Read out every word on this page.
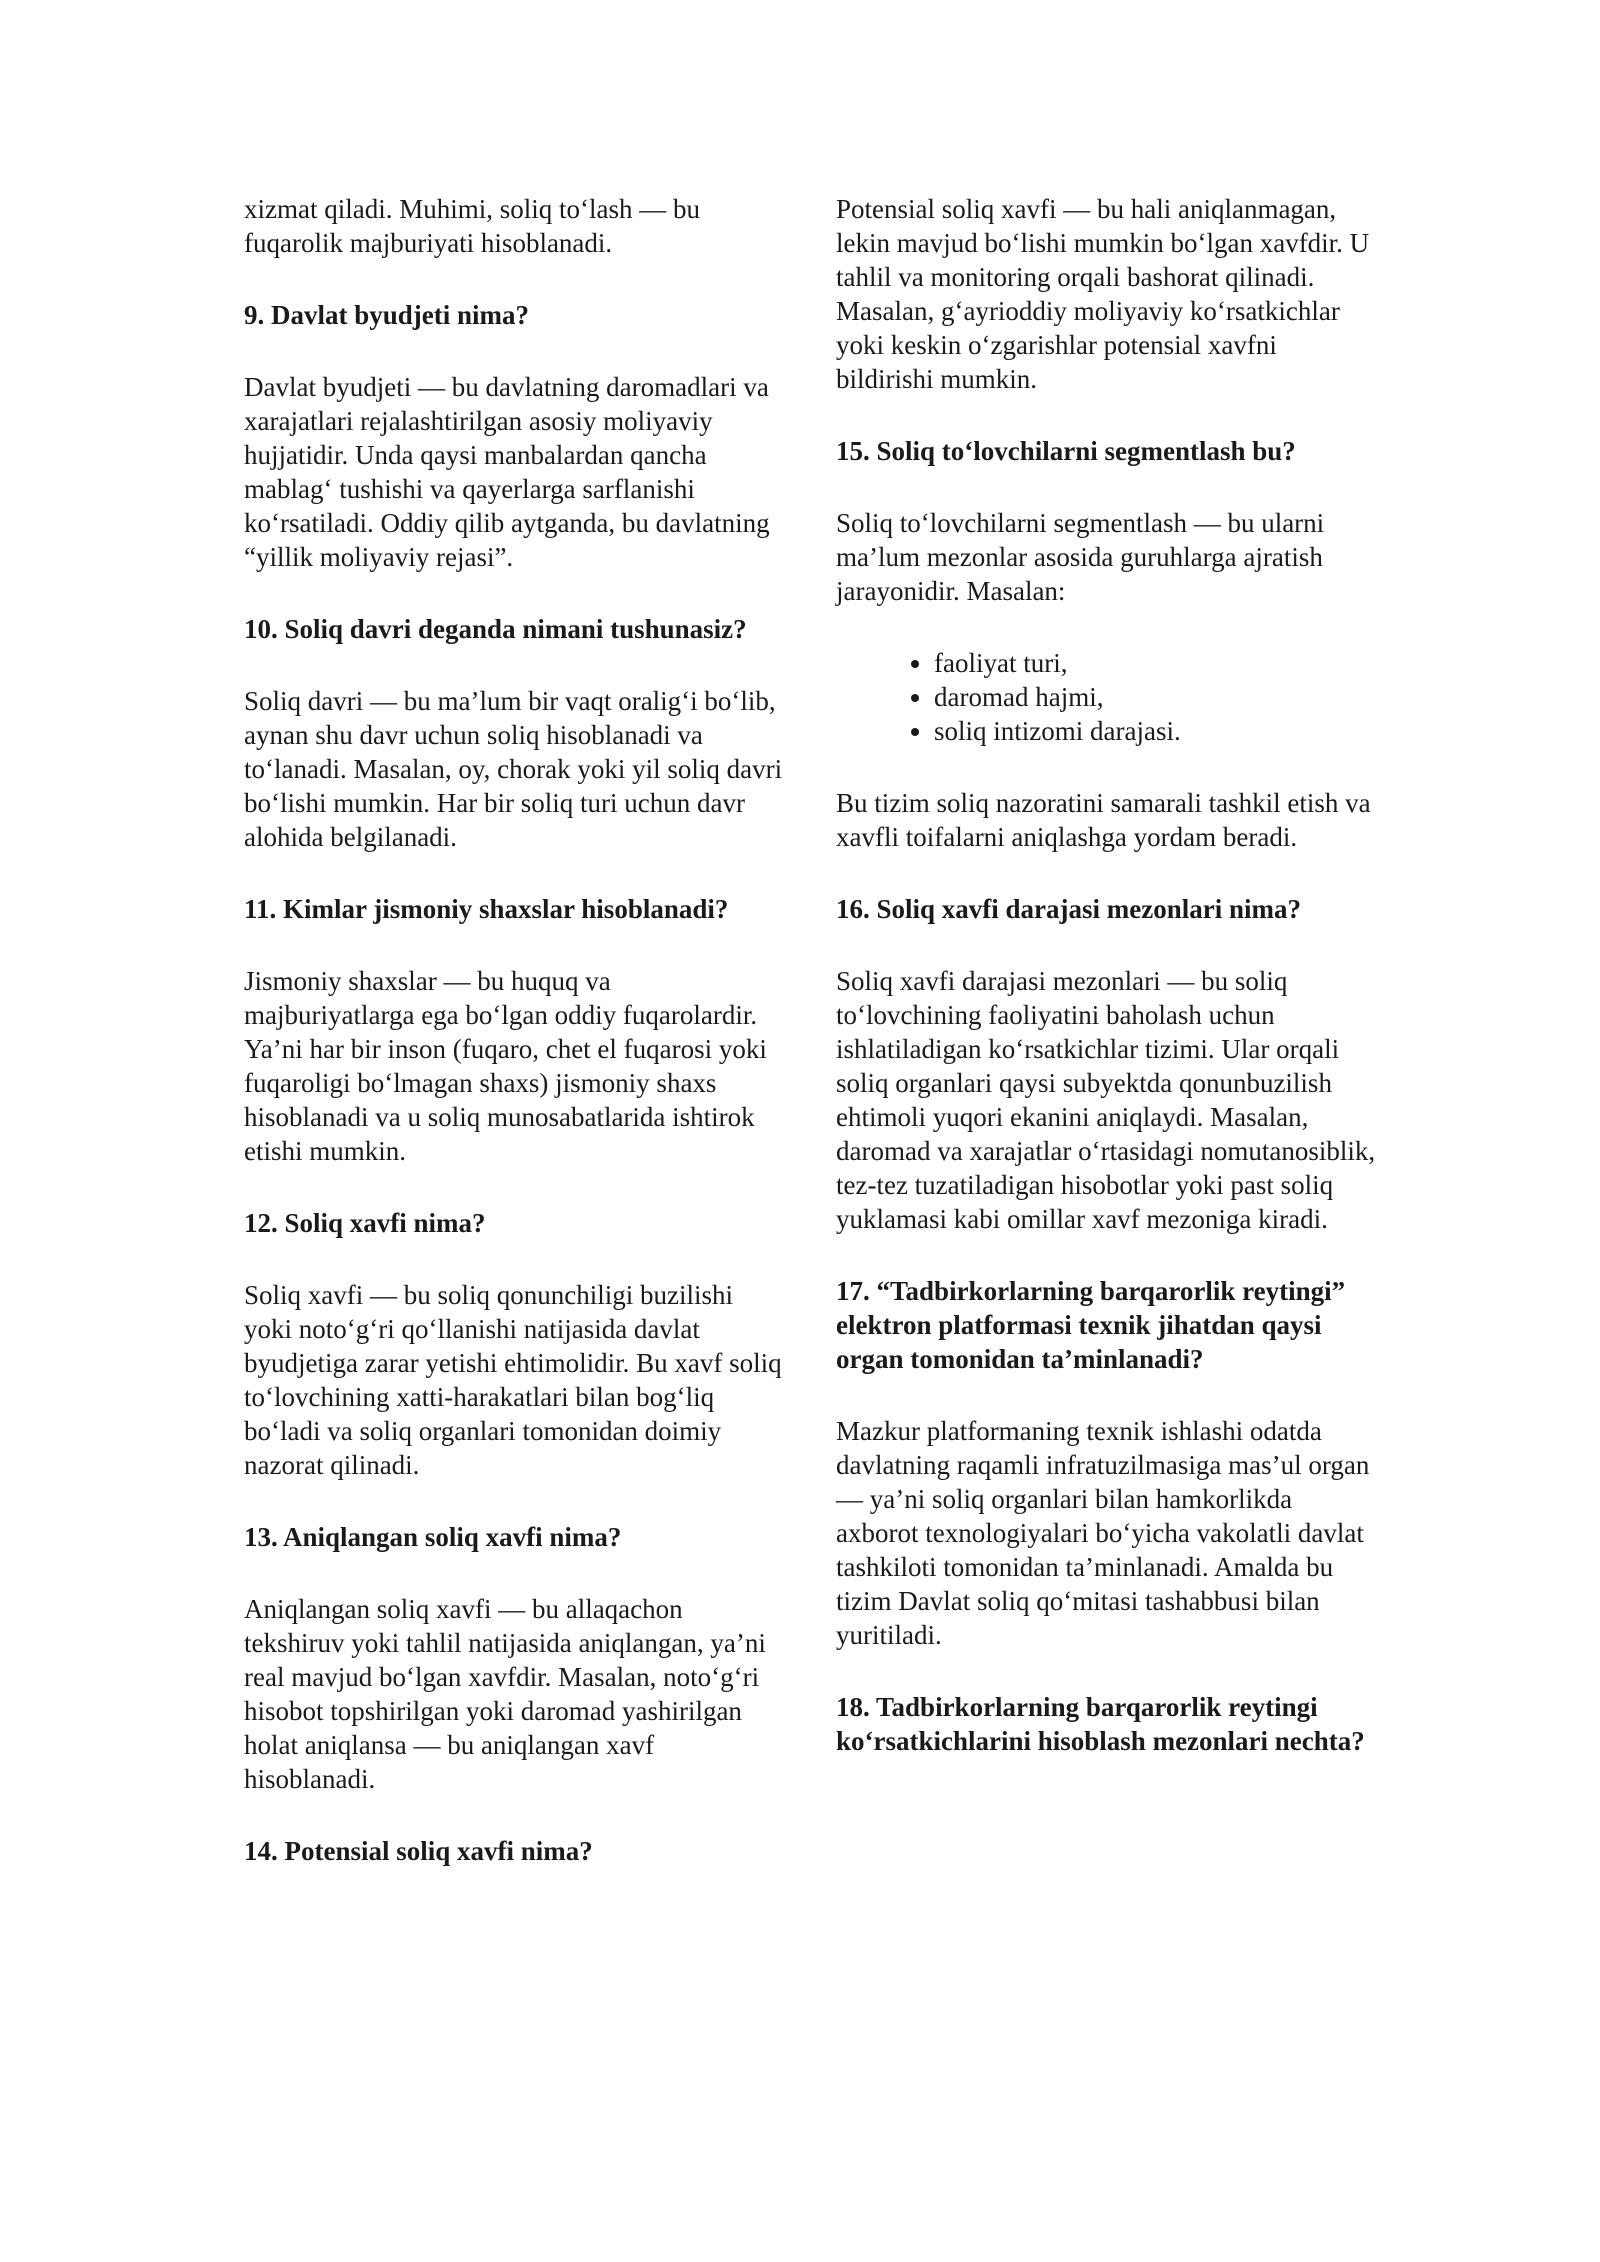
xizmat qiladi. Muhimi, soliq to‘lash — bu fuqarolik majburiyati hisoblanadi.

9. Davlat byudjeti nima?

Davlat byudjeti — bu davlatning daromadlari va xarajatlari rejalashtirilgan asosiy moliyaviy hujjatidir. Unda qaysi manbalardan qancha mablag‘ tushishi va qayerlarga sarflanishi ko‘rsatiladi. Oddiy qilib aytganda, bu davlatning “yillik moliyaviy rejasi”.

10. Soliq davri deganda nimani tushunasiz?

Soliq davri — bu ma’lum bir vaqt oralig‘i bo‘lib, aynan shu davr uchun soliq hisoblanadi va to‘lanadi. Masalan, oy, chorak yoki yil soliq davri bo‘lishi mumkin. Har bir soliq turi uchun davr alohida belgilanadi.

11. Kimlar jismoniy shaxslar hisoblanadi?

Jismoniy shaxslar — bu huquq va majburiyatlarga ega bo‘lgan oddiy fuqarolardir. Ya’ni har bir inson (fuqaro, chet el fuqarosi yoki fuqaroligi bo‘lmagan shaxs) jismoniy shaxs hisoblanadi va u soliq munosabatlarida ishtirok etishi mumkin.

12. Soliq xavfi nima?

Soliq xavfi — bu soliq qonunchiligi buzilishi yoki noto‘g‘ri qo‘llanishi natijasida davlat byudjetiga zarar yetishi ehtimolidir. Bu xavf soliq to‘lovchining xatti-harakatlari bilan bog‘liq bo‘ladi va soliq organlari tomonidan doimiy nazorat qilinadi.

13. Aniqlangan soliq xavfi nima?

Aniqlangan soliq xavfi — bu allaqachon tekshiruv yoki tahlil natijasida aniqlangan, ya’ni real mavjud bo‘lgan xavfdir. Masalan, noto‘g‘ri hisobot topshirilgan yoki daromad yashirilgan holat aniqlansa — bu aniqlangan xavf hisoblanadi.

14. Potensial soliq xavfi nima?

Potensial soliq xavfi — bu hali aniqlanmagan, lekin mavjud bo‘lishi mumkin bo‘lgan xavfdir. U tahlil va monitoring orqali bashorat qilinadi. Masalan, g‘ayrioddiy moliyaviy ko‘rsatkichlar yoki keskin o‘zgarishlar potensial xavfni bildirishi mumkin.

15. Soliq to‘lovchilarni segmentlash bu?

Soliq to‘lovchilarni segmentlash — bu ularni ma’lum mezonlar asosida guruhlarga ajratish jarayonidir. Masalan:

• faoliyat turi,
• daromad hajmi,
• soliq intizomi darajasi.

Bu tizim soliq nazoratini samarali tashkil etish va xavfli toifalarni aniqlashga yordam beradi.

16. Soliq xavfi darajasi mezonlari nima?

Soliq xavfi darajasi mezonlari — bu soliq to‘lovchining faoliyatini baholash uchun ishlatiladigan ko‘rsatkichlar tizimi. Ular orqali soliq organlari qaysi subyektda qonunbuzilish ehtimoli yuqori ekanini aniqlaydi. Masalan, daromad va xarajatlar o‘rtasidagi nomutanosiblik, tez-tez tuzatiladigan hisobotlar yoki past soliq yuklamasi kabi omillar xavf mezoniga kiradi.

17. “Tadbirkorlarning barqarorlik reytingi” elektron platformasi texnik jihatdan qaysi organ tomonidan ta’minlanadi?

Mazkur platformaning texnik ishlashi odatda davlatning raqamli infratuzilmasiga mas’ul organ — ya’ni soliq organlari bilan hamkorlikda axborot texnologiyalari bo‘yicha vakolatli davlat tashkiloti tomonidan ta’minlanadi. Amalda bu tizim Davlat soliq qo‘mitasi tashabbusi bilan yuritiladi.

18. Tadbirkorlarning barqarorlik reytingi ko‘rsatkichlarini hisoblash mezonlari nechta?
